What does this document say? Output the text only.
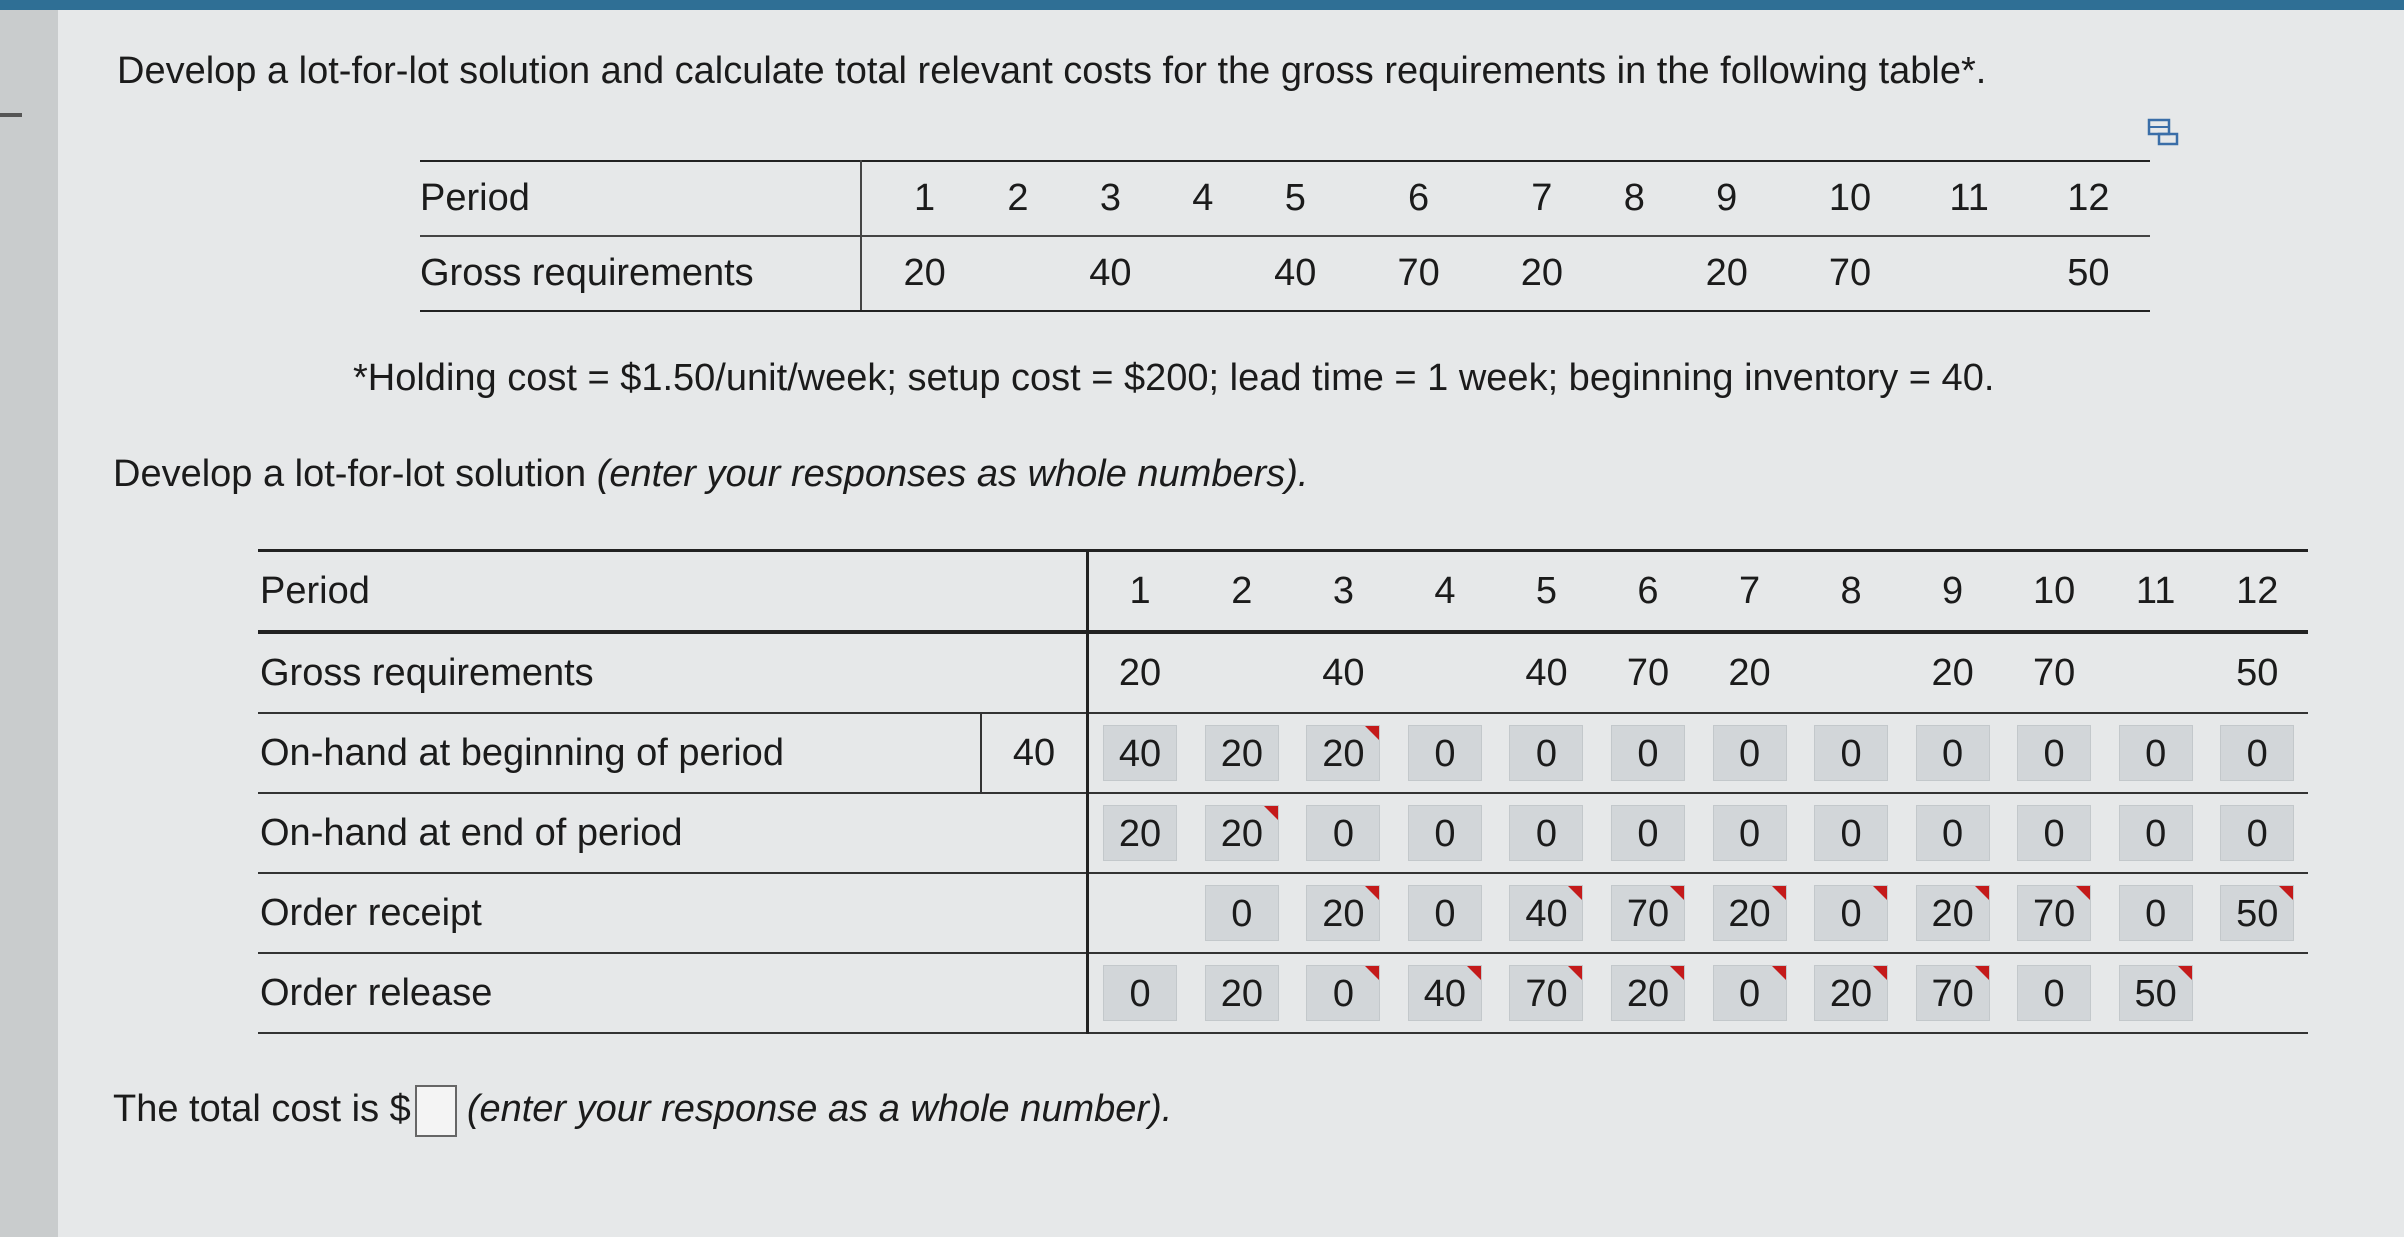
Develop a lot-for-lot solution and calculate total relevant costs for the gross requirements in the following table*.
Period	1	2	3	4	5	6	7	8	9	10	11	12
Gross requirements	20		40		40	70	20		20	70		50
*Holding cost = $1.50/unit/week; setup cost = $200; lead time = 1 week; beginning inventory = 40.
Develop a lot-for-lot solution (enter your responses as whole numbers).
Period		1	2	3	4	5	6	7	8	9	10	11	12
Gross requirements		20		40		40	70	20		20	70		50
On-hand at beginning of period	40	40	20	20	0	0	0	0	0	0	0	0	0
On-hand at end of period		20	20	0	0	0	0	0	0	0	0	0	0
Order receipt			0	20	0	40	70	20	0	20	70	0	50

Order release		0	20	0	40	70	20	0	20	70	0	50

The total cost is $ (enter your response as a whole number).
